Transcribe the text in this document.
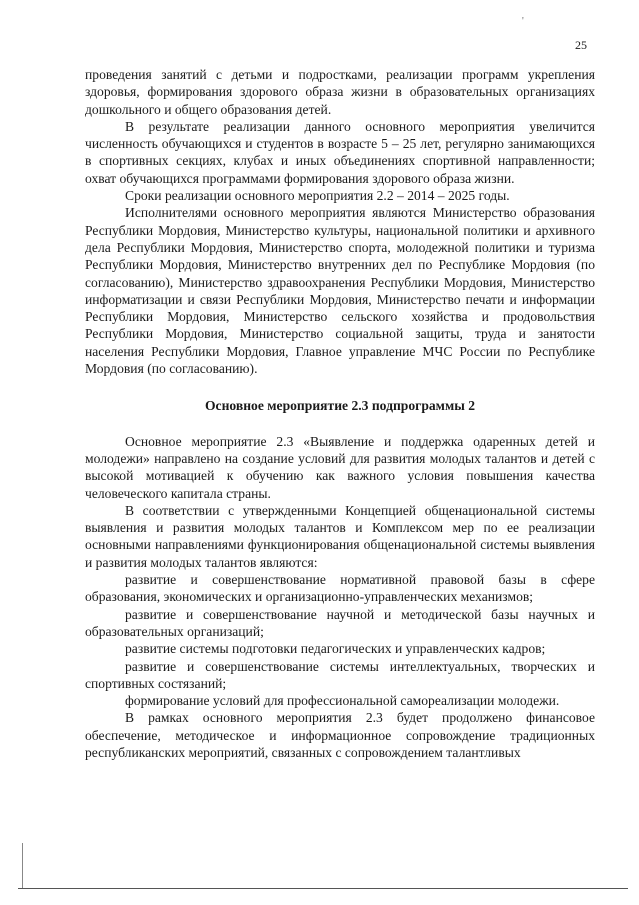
'
25

проведения занятий с детьми и подростками, реализации программ укрепления здоровья, формирования здорового образа жизни в образовательных организациях дошкольного и общего образования детей.

В результате реализации данного основного мероприятия увеличится численность обучающихся и студентов в возрасте 5 – 25 лет, регулярно занимающихся в спортивных секциях, клубах и иных объединениях спортивной направленности; охват обучающихся программами формирования здорового образа жизни.

Сроки реализации основного мероприятия 2.2 – 2014 – 2025 годы.

Исполнителями основного мероприятия являются Министерство образования Республики Мордовия, Министерство культуры, национальной политики и архивного дела Республики Мордовия, Министерство спорта, молодежной политики и туризма Республики Мордовия, Министерство внутренних дел по Республике Мордовия (по согласованию), Министерство здравоохранения Республики Мордовия, Министерство информатизации и связи Республики Мордовия, Министерство печати и информации Республики Мордовия, Министерство сельского хозяйства и продовольствия Республики Мордовия, Министерство социальной защиты, труда и занятости населения Республики Мордовия, Главное управление МЧС России по Республике Мордовия (по согласованию).

Основное мероприятие 2.3 подпрограммы 2

Основное мероприятие 2.3 «Выявление и поддержка одаренных детей и молодежи» направлено на создание условий для развития молодых талантов и детей с высокой мотивацией к обучению как важного условия повышения качества человеческого капитала страны.

В соответствии с утвержденными Концепцией общенациональной системы выявления и развития молодых талантов и Комплексом мер по ее реализации основными направлениями функционирования общенациональной системы выявления и развития молодых талантов являются:

развитие и совершенствование нормативной правовой базы в сфере образования, экономических и организационно-управленческих механизмов;

развитие и совершенствование научной и методической базы научных и образовательных организаций;

развитие системы подготовки педагогических и управленческих кадров;

развитие и совершенствование системы интеллектуальных, творческих и спортивных состязаний;

формирование условий для профессиональной самореализации молодежи.

В рамках основного мероприятия 2.3 будет продолжено финансовое обеспечение, методическое и информационное сопровождение традиционных республиканских мероприятий, связанных с сопровождением талантливых
